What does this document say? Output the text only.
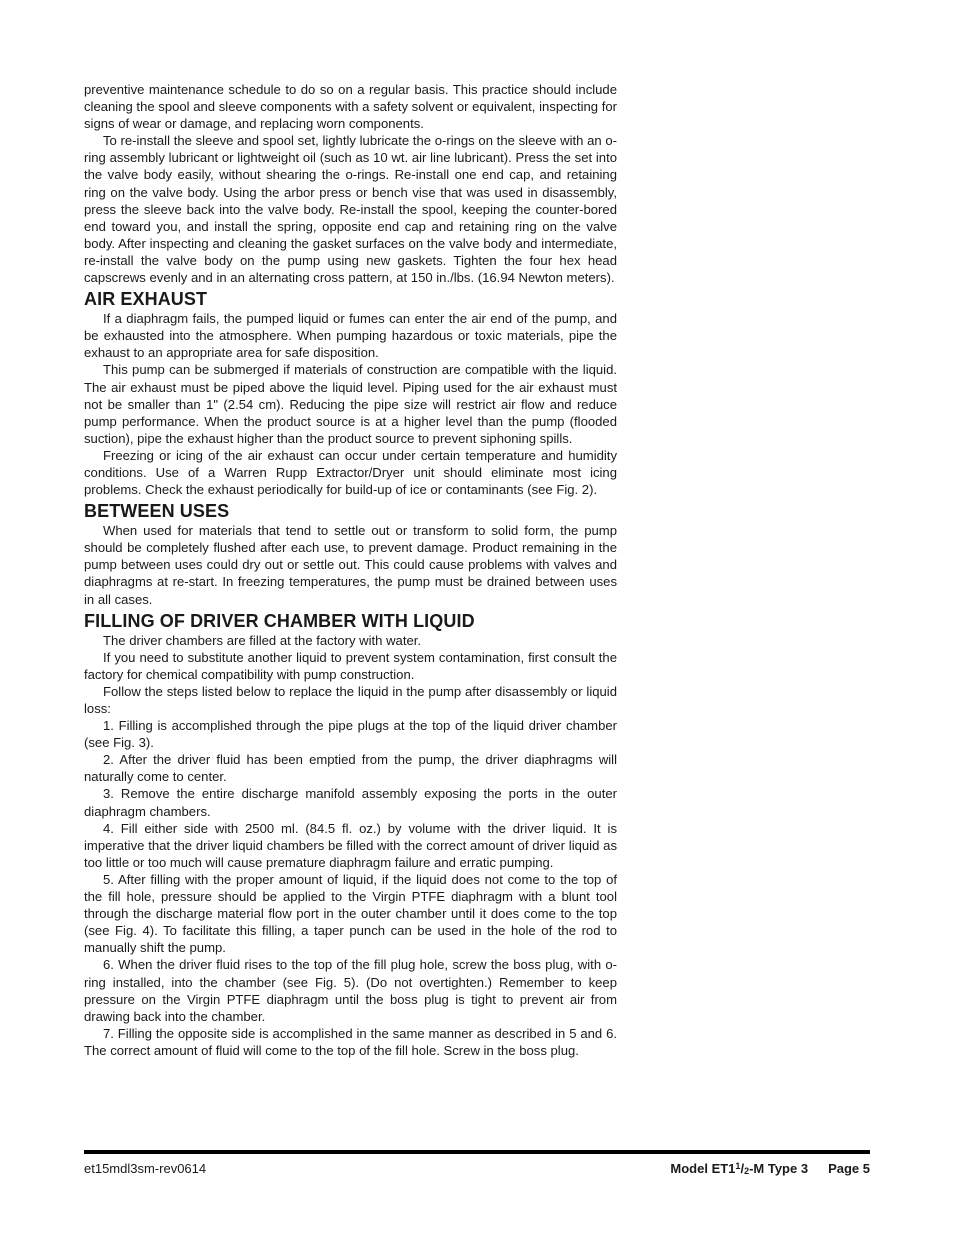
preventive maintenance schedule to do so on a regular basis. This practice should include cleaning the spool and sleeve components with a safety solvent or equivalent, inspecting for signs of wear or damage, and replacing worn components.

To re-install the sleeve and spool set, lightly lubricate the o-rings on the sleeve with an o-ring assembly lubricant or lightweight oil (such as 10 wt. air line lubricant). Press the set into the valve body easily, without shearing the o-rings. Re-install one end cap, and retaining ring on the valve body. Using the arbor press or bench vise that was used in disassembly, press the sleeve back into the valve body. Re-install the spool, keeping the counter-bored end toward you, and install the spring, opposite end cap and retaining ring on the valve body. After inspecting and cleaning the gasket surfaces on the valve body and intermediate, re-install the valve body on the pump using new gaskets. Tighten the four hex head capscrews evenly and in an alternating cross pattern, at 150 in./lbs. (16.94 Newton meters).

AIR EXHAUST

If a diaphragm fails, the pumped liquid or fumes can enter the air end of the pump, and be exhausted into the atmosphere. When pumping hazardous or toxic materials, pipe the exhaust to an appropriate area for safe disposition.

This pump can be submerged if materials of construction are compatible with the liquid. The air exhaust must be piped above the liquid level. Piping used for the air exhaust must not be smaller than 1" (2.54 cm). Reducing the pipe size will restrict air flow and reduce pump performance. When the product source is at a higher level than the pump (flooded suction), pipe the exhaust higher than the product source to prevent siphoning spills.

Freezing or icing of the air exhaust can occur under certain temperature and humidity conditions. Use of a Warren Rupp Extractor/Dryer unit should eliminate most icing problems. Check the exhaust periodically for build-up of ice or contaminants (see Fig. 2).

BETWEEN USES

When used for materials that tend to settle out or transform to solid form, the pump should be completely flushed after each use, to prevent damage. Product remaining in the pump between uses could dry out or settle out. This could cause problems with valves and diaphragms at re-start. In freezing temperatures, the pump must be drained between uses in all cases.

FILLING OF DRIVER CHAMBER WITH LIQUID

The driver chambers are filled at the factory with water.

If you need to substitute another liquid to prevent system contamination, first consult the factory for chemical compatibility with pump construction.

Follow the steps listed below to replace the liquid in the pump after disassembly or liquid loss:

1. Filling is accomplished through the pipe plugs at the top of the liquid driver chamber (see Fig. 3).

2. After the driver fluid has been emptied from the pump, the driver diaphragms will naturally come to center.

3. Remove the entire discharge manifold assembly exposing the ports in the outer diaphragm chambers.

4. Fill either side with 2500 ml. (84.5 fl. oz.) by volume with the driver liquid. It is imperative that the driver liquid chambers be filled with the correct amount of driver liquid as too little or too much will cause premature diaphragm failure and erratic pumping.

5. After filling with the proper amount of liquid, if the liquid does not come to the top of the fill hole, pressure should be applied to the Virgin PTFE diaphragm with a blunt tool through the discharge material flow port in the outer chamber until it does come to the top (see Fig. 4). To facilitate this filling, a taper punch can be used in the hole of the rod to manually shift the pump.

6. When the driver fluid rises to the top of the fill plug hole, screw the boss plug, with o-ring installed, into the chamber (see Fig. 5). (Do not overtighten.) Remember to keep pressure on the Virgin PTFE diaphragm until the boss plug is tight to prevent air from drawing back into the chamber.

7. Filling the opposite side is accomplished in the same manner as described in 5 and 6. The correct amount of fluid will come to the top of the fill hole. Screw in the boss plug.

et15mdl3sm-rev0614	Model $ET1^1/_2-M$ Type 3 Page 5
